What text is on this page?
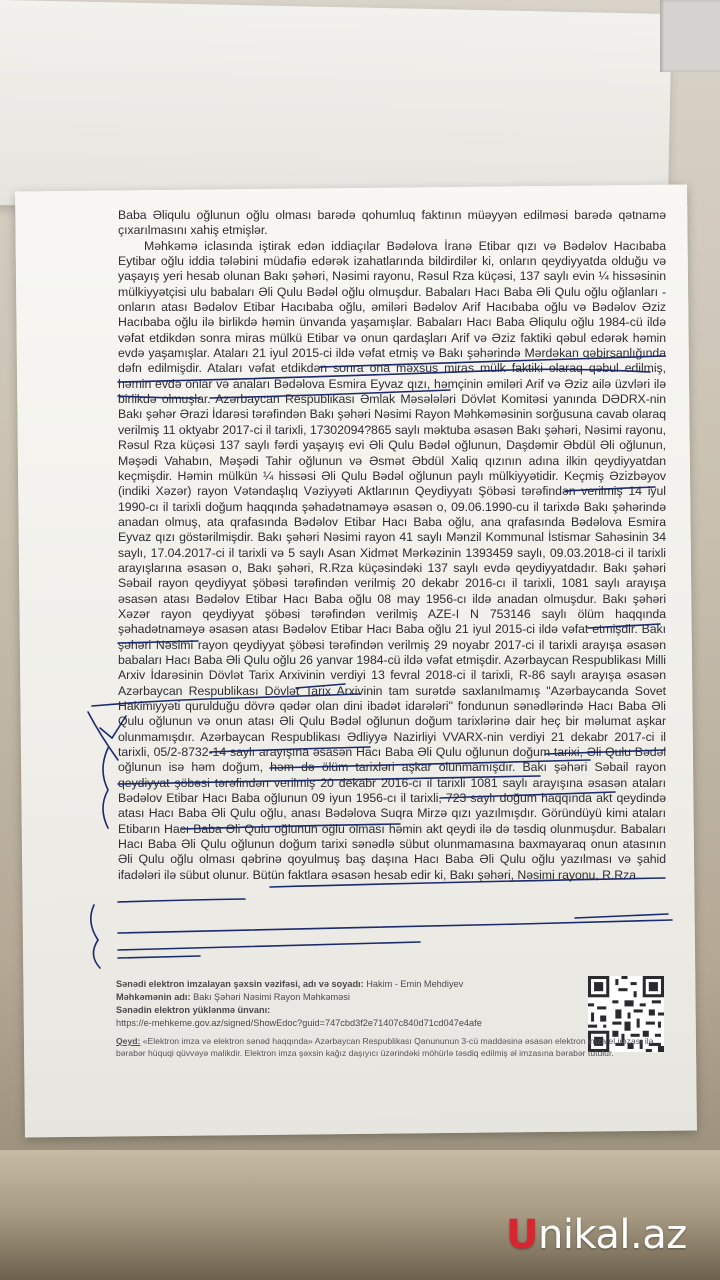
Baba Əliqulu oğlunun oğlu olması barədə qohumluq faktının müəyyən edilməsi barədə qətnamə çıxarılmasını xahiş etmişlər.

Məhkəmə iclasında iştirak edən iddiaçılar Bədəlova İranə Etibar qızı və Bədəlov Hacıbaba Eytibar oğlu iddia tələbini müdafiə edərək izahatlarında bildirdilər ki, onların qeydiyyatda olduğu və yaşayış yeri hesab olunan Bakı şəhəri, Nəsimi rayonu, Rəsul Rza küçəsi, 137 saylı evin ¼ hissəsinin mülkiyyətçisi ulu babaları Əli Qulu Bədəl oğlu olmuşdur. Babaları Hacı Baba Əli Qulu oğlu oğlanları - onların atası Bədəlov Etibar Hacıbaba oğlu, əmiləri Bədəlov Arif Hacıbaba oğlu və Bədəlov Əziz Hacıbaba oğlu ilə birlikdə həmin ünvanda yaşamışlar. Babaları Hacı Baba Əliqulu oğlu 1984-cü ildə vəfat etdikdən sonra miras mülkü Etibar və onun qardaşları Arif və Əziz faktiki qəbul edərək həmin evdə yaşamışlar. Ataları 21 iyul 2015-ci ildə vəfat etmiş və Bakı şəhərində Mərdəkan qəbirsanlığında dəfn edilmişdir. Ataları vəfat etdikdən sonra ona məxsus miras mülk faktiki olaraq qəbul edilmiş, həmin evdə onlar və anaları Bədəlova Esmira Eyvaz qızı, həmçinin əmiləri Arif və Əziz ailə üzvləri ilə birlikdə olmuşlar. Azərbaycan Respublikası Əmlak Məsələləri Dövlət Komitəsi yanında DƏDRX-nin Bakı şəhər Ərazi İdarəsi tərəfindən Bakı şəhəri Nəsimi Rayon Məhkəməsinin sorğusuna cavab olaraq verilmiş 11 oktyabr 2017-ci il tarixli, 17302094?865 saylı məktuba əsasən Bakı şəhəri, Nəsimi rayonu, Rəsul Rza küçəsi 137 saylı fərdi yaşayış evi Əli Qulu Bədəl oğlunun, Daşdəmir Əbdül Əli oğlunun, Məşədi Vahabın, Məşədi Tahir oğlunun və Əsmət Əbdül Xaliq qızının adına ilkin qeydiyyatdan keçmişdir. Həmin mülkün ¼ hissəsi Əli Qulu Bədəl oğlunun paylı mülkiyyətidir. Keçmiş Əzizbəyov (indiki Xəzər) rayon Vətəndaşlıq Vəziyyəti Aktlarının Qeydiyyatı Şöbəsi tərəfindən verilmiş 14 iyul 1990-cı il tarixli doğum haqqında şəhadətnaməyə əsasən o, 09.06.1990-cu il tarixdə Bakı şəhərində anadan olmuş, ata qrafasında Bədəlov Etibar Hacı Baba oğlu, ana qrafasında Bədəlova Esmira Eyvaz qızı göstərilmişdir. Bakı şəhəri Nəsimi rayon 41 saylı Mənzil Kommunal İstismar Sahəsinin 34 saylı, 17.04.2017-ci il tarixli və 5 saylı Asan Xidmət Mərkəzinin 1393459 saylı, 09.03.2018-ci il tarixli arayışlarına əsasən o, Bakı şəhəri, R.Rza küçəsindəki 137 saylı evdə qeydiyyatdadır. Bakı şəhəri Səbail rayon qeydiyyat şöbəsi tərəfindən verilmiş 20 dekabr 2016-cı il tarixli, 1081 saylı arayışa əsasən atası Bədəlov Etibar Hacı Baba oğlu 08 may 1956-cı ildə anadan olmuşdur. Bakı şəhəri Xəzər rayon qeydiyyat şöbəsi tərəfindən verilmiş AZE-I N 753146 saylı ölüm haqqında şəhadətnaməyə əsasən atası Bədəlov Etibar Hacı Baba oğlu 21 iyul 2015-ci ildə vəfat etmişdir. Bakı şəhəri Nəsimi rayon qeydiyyat şöbəsi tərəfindən verilmiş 29 noyabr 2017-ci il tarixli arayışa əsasən babaları Hacı Baba Əli Qulu oğlu 26 yanvar 1984-cü ildə vəfat etmişdir. Azərbaycan Respublikası Milli Arxiv İdarəsinin Dövlət Tarix Arxivinin verdiyi 13 fevral 2018-ci il tarixli, R-86 saylı arayışa əsasən Azərbaycan Respublikası Dövlət Tarix Arxivinin tam surətdə saxlanılmamış "Azərbaycanda Sovet Hakimiyyəti qurulduğu dövrə qədər olan dini ibadət idarələri" fondunun sənədlərində Hacı Baba Əli Qulu oğlunun və onun atası Əli Qulu Bədəl oğlunun doğum tarixlərinə dair heç bir məlumat aşkar olunmamışdır. Azərbaycan Respublikası Ədliyyə Nazirliyi VVARX-nin verdiyi 21 dekabr 2017-ci il tarixli, 05/2-8732-14 saylı arayışına əsasən Hacı Baba Əli Qulu oğlunun doğum tarixi, Əli Qulu Bədəl oğlunun isə həm doğum, həm də ölüm tarixləri aşkar olunmamışdır. Bakı şəhəri Səbail rayon qeydiyyat şöbəsi tərəfindən verilmiş 20 dekabr 2016-cı il tarixli 1081 saylı arayışına əsasən ataları Bədəlov Etibar Hacı Baba oğlunun 09 iyun 1956-cı il tarixli, 723 saylı doğum haqqında akt qeydində atası Hacı Baba Əli Qulu oğlu, anası Bədəlova Suqra Mirzə qızı yazılmışdır. Göründüyü kimi ataları Etibarın Hacı Baba Əli Qulu oğlunun oğlu olması həmin akt qeydi ilə də təsdiq olunmuşdur. Babaları Hacı Baba Əli Qulu oğlunun doğum tarixi sənədlə sübut olunmamasına baxmayaraq onun atasının Əli Qulu oğlu olması qəbrinə qoyulmuş baş daşına Hacı Baba Əli Qulu oğlu yazılması və şahid ifadələri ilə sübut olunur. Bütün faktlara əsasən hesab edir ki, Bakı şəhəri, Nəsimi rayonu, R.Rza

Sənədi elektron imzalayan şəxsin vəzifəsi, adı və soyadı: Hakim - Emin Mehdiyev
Məhkəmənin adı: Bakı Şəhəri Nəsimi Rayon Məhkəməsi
Sənədin elektron yüklənmə ünvanı:
https://e-mehkeme.gov.az/signed/ShowEdoc?guid=747cbd3f2e71407c840d71cd047e4afe
Qeyd: «Elektron imza və elektron sənəd haqqında» Azərbaycan Respublikası Qanununun 3-cü maddəsinə əsasən elektron imza ⁠el imzası ilə bərabər hüquqi qüvvəyə malikdir. Elektron imza şəxsin kağız daşıyıcı üzərindəki möhürlə təsdiq edilmiş əl imzasına bərabər tutulur.
Unikal.az
